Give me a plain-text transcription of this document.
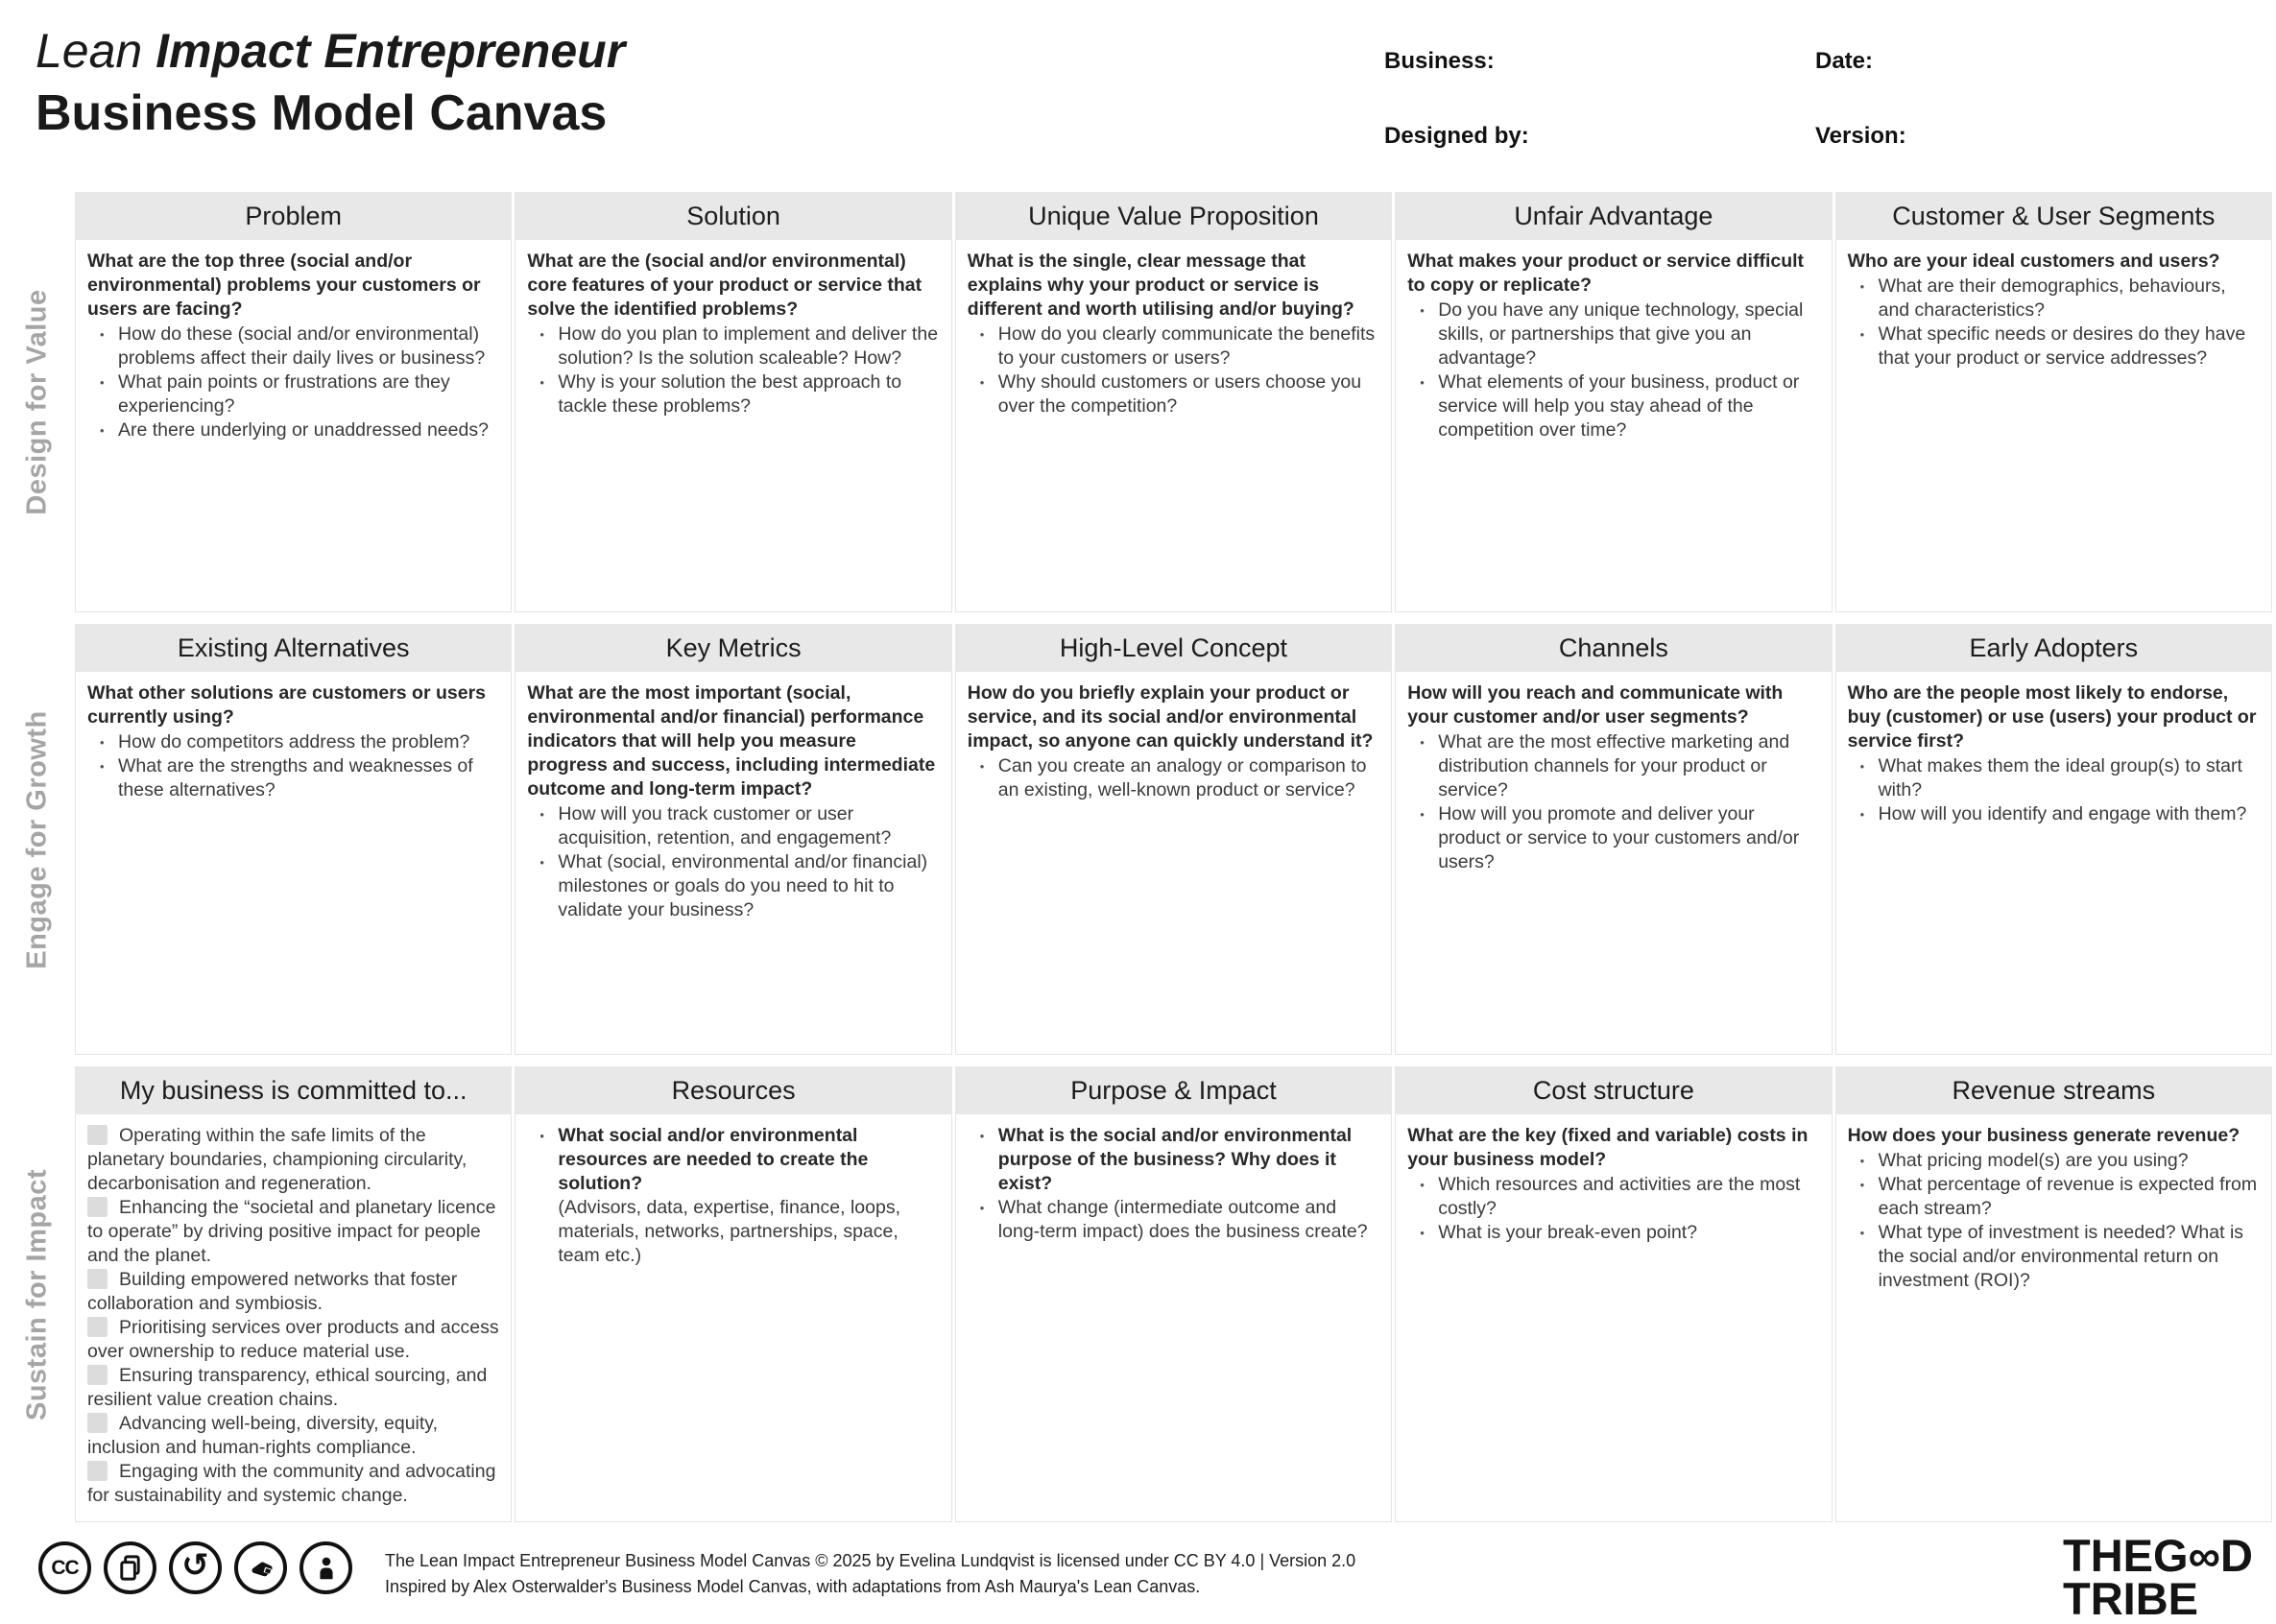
Lean Impact Entrepreneur
Business Model Canvas
Business:	Date:
Designed by:	Version:
Design for Value
Problem

What are the top three (social and/or environmental) problems your customers or users are facing?

• How do these (social and/or environmental) problems affect their daily lives or business?
• What pain points or frustrations are they experiencing?
• Are there underlying or unaddressed needs?
Solution

What are the (social and/or environmental) core features of your product or service that solve the identified problems?

• How do you plan to implement and deliver the solution? Is the solution scaleable? How?
• Why is your solution the best approach to tackle these problems?
Unique Value Proposition

What is the single, clear message that explains why your product or service is different and worth utilising and/or buying?

• How do you clearly communicate the benefits to your customers or users?
• Why should customers or users choose you over the competition?
Unfair Advantage

What makes your product or service difficult to copy or replicate?

• Do you have any unique technology, special skills, or partnerships that give you an advantage?
• What elements of your business, product or service will help you stay ahead of the competition over time?
Customer & User Segments

Who are your ideal customers and users?

• What are their demographics, behaviours, and characteristics?
• What specific needs or desires do they have that your product or service addresses?
Engage for Growth
Existing Alternatives

What other solutions are customers or users currently using?

• How do competitors address the problem?
• What are the strengths and weaknesses of these alternatives?
Key Metrics

What are the most important (social, environmental and/or financial) performance indicators that will help you measure progress and success, including intermediate outcome and long-term impact?

• How will you track customer or user acquisition, retention, and engagement?
• What (social, environmental and/or financial) milestones or goals do you need to hit to validate your business?
High-Level Concept

How do you briefly explain your product or service, and its social and/or environmental impact, so anyone can quickly understand it?

• Can you create an analogy or comparison to an existing, well-known product or service?
Channels

How will you reach and communicate with your customer and/or user segments?

• What are the most effective marketing and distribution channels for your product or service?
• How will you promote and deliver your product or service to your customers and/or users?
Early Adopters

Who are the people most likely to endorse, buy (customer) or use (users) your product or service first?

• What makes them the ideal group(s) to start with?
• How will you identify and engage with them?
Sustain for Impact
My business is committed to...
Operating within the safe limits of the planetary boundaries, championing circularity, decarbonisation and regeneration.
Enhancing the “societal and planetary licence to operate” by driving positive impact for people and the planet.
Building empowered networks that foster collaboration and symbiosis.
Prioritising services over products and access over ownership to reduce material use.
Ensuring transparency, ethical sourcing, and resilient value creation chains.
Advancing well-being, diversity, equity, inclusion and human-rights compliance.
Engaging with the community and advocating for sustainability and systemic change.
Resources
• What social and/or environmental resources are needed to create the solution?
(Advisors, data, expertise, finance, loops, materials, networks, partnerships, space, team etc.)
Purpose & Impact
• What is the social and/or environmental purpose of the business? Why does it exist?
• What change (intermediate outcome and long-term impact) does the business create?
Cost structure

What are the key (fixed and variable) costs in your business model?

• Which resources and activities are the most costly?
• What is your break-even point?
Revenue streams

How does your business generate revenue?

• What pricing model(s) are you using?
• What percentage of revenue is expected from each stream?
• What type of investment is needed? What is the social and/or environmental return on investment (ROI)?
CC	↺	The Lean Impact Entrepreneur Business Model Canvas © 2025 by Evelina Lundqvist is licensed under CC BY 4.0 | Version 2.0
Inspired by Alex Osterwalder's Business Model Canvas, with adaptations from Ash Maurya's Lean Canvas.
THEG∞D
TRIBE
